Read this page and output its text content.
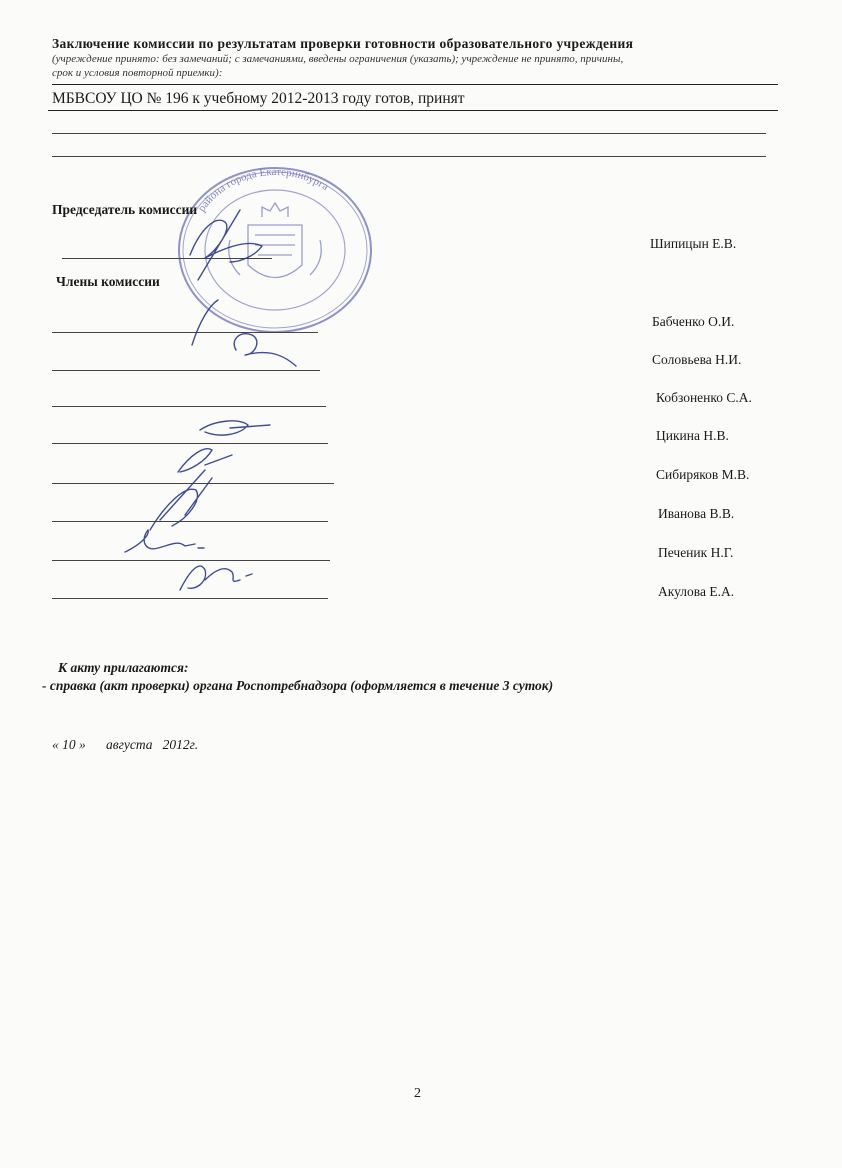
Заключение комиссии по результатам проверки готовности образовательного учреждения
(учреждение принято: без замечаний; с замечаниями, введены ограничения (указать); учреждение не принято, причины,
срок и условия повторной приемки):
МБВСОУ ЦО № 196 к учебному 2012-2013 году готов, принят
района города Екатеринбурга
Председатель комиссии
Шипицын Е.В.
Члены комиссии
Бабченко О.И.
Соловьева Н.И.
Кобзоненко С.А.
Цикина Н.В.
Сибиряков М.В.
Иванова В.В.
Печеник Н.Г.
Акулова Е.А.
К акту прилагаются:
- справка (акт проверки) органа Роспотребнадзора (оформляется в течение 3 суток)
« 10 »      августа   2012г.
2
